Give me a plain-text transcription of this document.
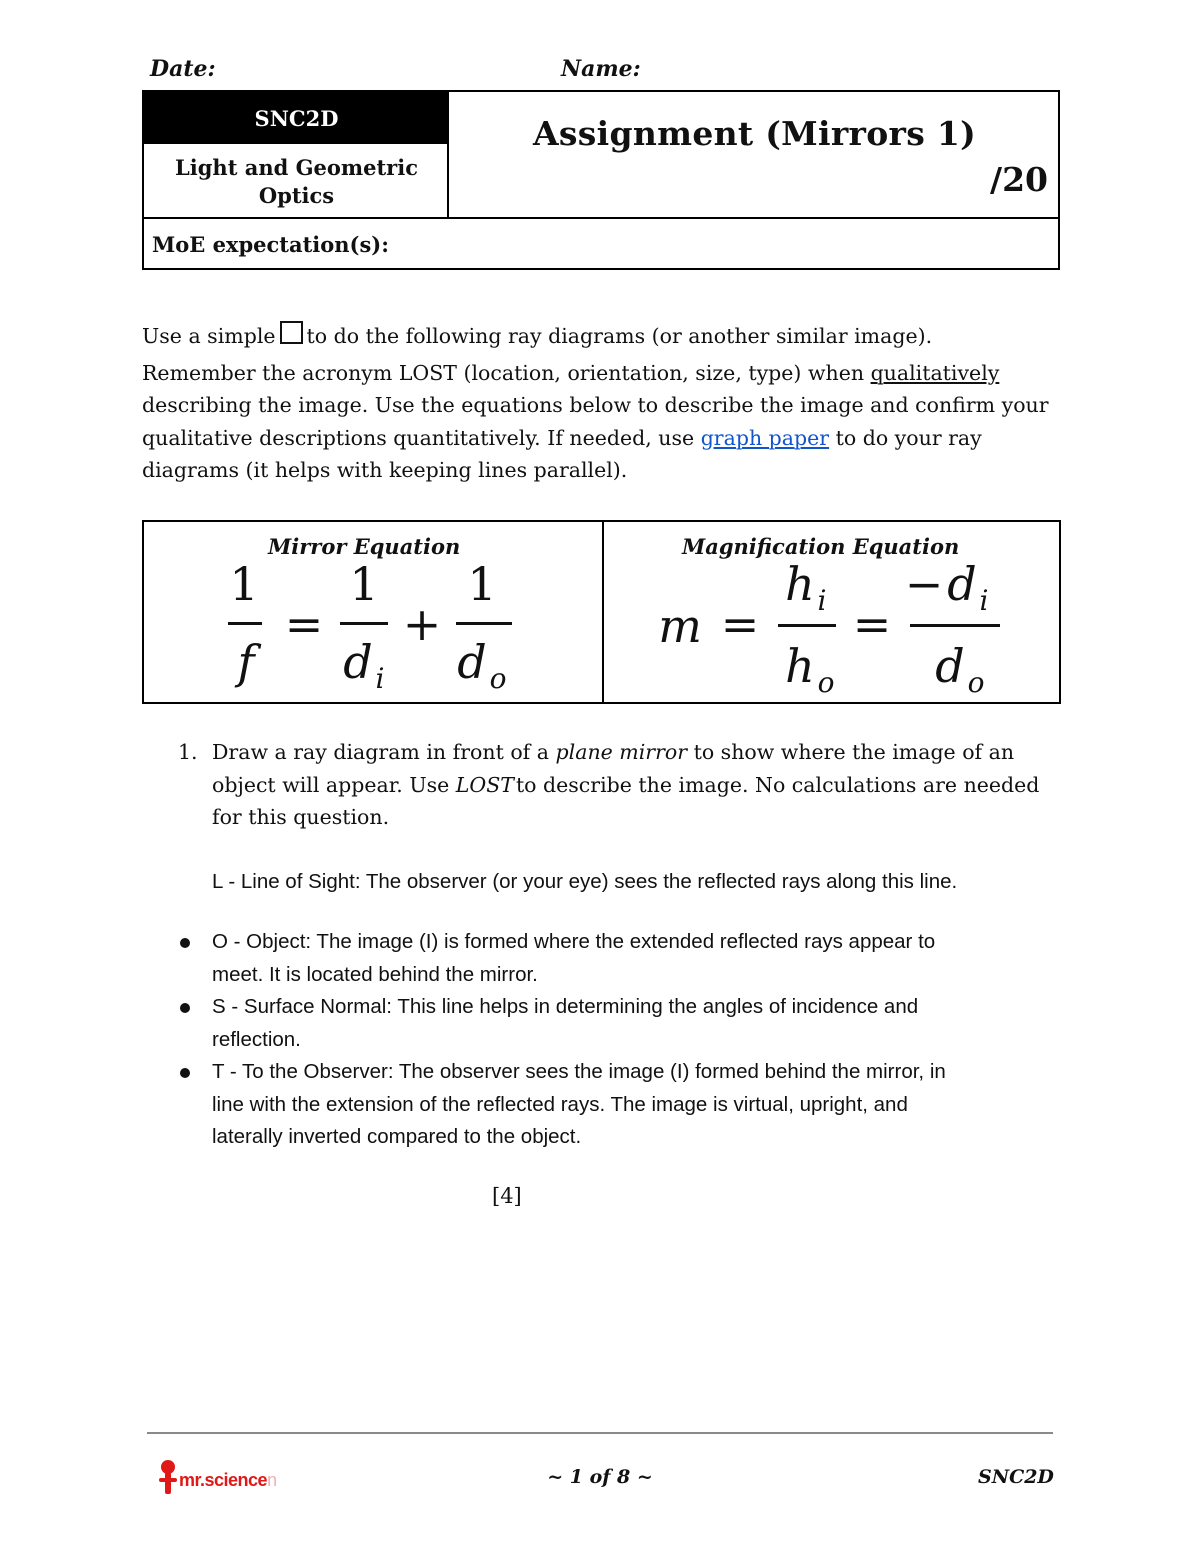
Date:	Name:
SNC2D
Light and Geometric Optics
Assignment (Mirrors 1)
/20
MoE expectation(s):
Use a simple to do the following ray diagrams (or another similar image).
Remember the acronym LOST (location, orientation, size, type) when qualitatively
describing the image. Use the equations below to describe the image and confirm your
qualitative descriptions quantitatively. If needed, use graph paper to do your ray
diagrams (it helps with keeping lines parallel).
Mirror Equation	Magnification Equation
1
f
=
1
d i
+
1
d o
m =
h i
h o
=
− d i
d o
1. Draw a ray diagram in front of a plane mirror to show where the image of an
object will appear. Use LOSTto describe the image. No calculations are needed
for this question.
L - Line of Sight: The observer (or your eye) sees the reflected rays along this line.
O - Object: The image (I) is formed where the extended reflected rays appear to
meet. It is located behind the mirror.
S - Surface Normal: This line helps in determining the angles of incidence and
reflection.
T - To the Observer: The observer sees the image (I) formed behind the mirror, in
line with the extension of the reflected rays. The image is virtual, upright, and
laterally inverted compared to the object.
[4]
mr.sciencen	~ 1 of 8 ~	SNC2D
